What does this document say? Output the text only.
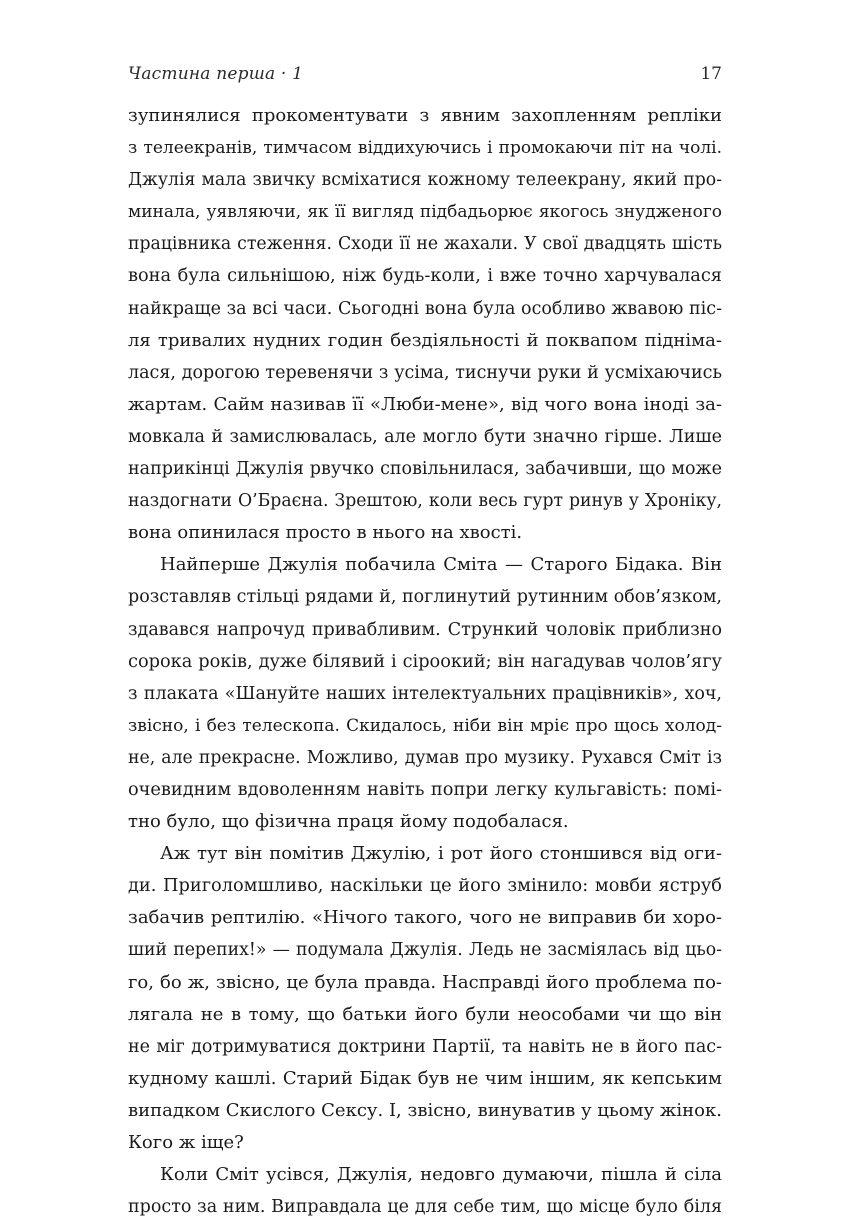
Частина перша · 1	17
зупинялися прокоментувати з явним захопленням репліки
з телеекранів, тимчасом віддихуючись і промокаючи піт на чолі.
Джулія мала звичку всміхатися кожному телеекрану, який про-
минала, уявляючи, як її вигляд підбадьорює якогось знудженого
працівника стеження. Сходи її не жахали. У свої двадцять шість
вона була сильнішою, ніж будь-коли, і вже точно харчувалася
найкраще за всі часи. Сьогодні вона була особливо жвавою піс-
ля тривалих нудних годин бездіяльності й поквапом підніма-
лася, дорогою теревенячи з усіма, тиснучи руки й усміхаючись
жартам. Сайм називав її «Люби-мене», від чого вона іноді за-
мовкала й замислювалась, але могло бути значно гірше. Лише
наприкінці Джулія рвучко сповільнилася, забачивши, що може
наздогнати О’Браєна. Зрештою, коли весь гурт ринув у Хроніку,
вона опинилася просто в нього на хвості.
Найперше Джулія побачила Сміта — Старого Бідака. Він
розставляв стільці рядами й, поглинутий рутинним обов’язком,
здавався напрочуд привабливим. Стрункий чоловік приблизно
сорока років, дуже білявий і сіроокий; він нагадував чолов’ягу
з плаката «Шануйте наших інтелектуальних працівників», хоч,
звісно, і без телескопа. Скидалось, ніби він мріє про щось холод-
не, але прекрасне. Можливо, думав про музику. Рухався Сміт із
очевидним вдоволенням навіть попри легку кульгавість: помі-
тно було, що фізична праця йому подобалася.
Аж тут він помітив Джулію, і рот його стоншився від оги-
ди. Приголомшливо, наскільки це його змінило: мовби яструб
забачив рептилію. «Нічого такого, чого не виправив би хоро-
ший перепих!» — подумала Джулія. Ледь не засміялась від цьо-
го, бо ж, звісно, це була правда. Насправді його проблема по-
лягала не в тому, що батьки його були неособами чи що він
не міг дотримуватися доктрини Партії, та навіть не в його пас-
кудному кашлі. Старий Бідак був не чим іншим, як кепським
випадком Скислого Сексу. І, звісно, винуватив у цьому жінок.
Кого ж іще?
Коли Сміт усівся, Джулія, недовго думаючи, пішла й сіла
просто за ним. Виправдала це для себе тим, що місце було біля
